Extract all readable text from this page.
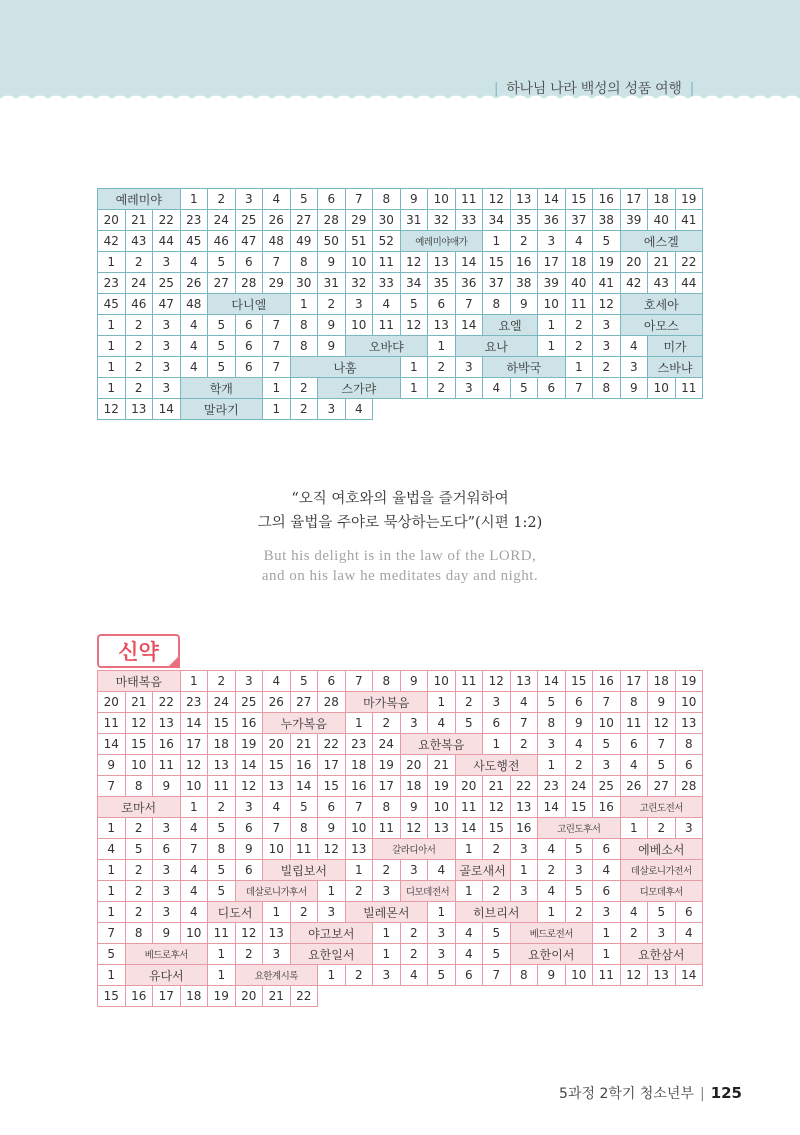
| 하나님 나라 백성의 성품 여행 |
예레미야			1	2	3	4	5	6	7	8	9	10	11	12	13	14	15	16	17	18	19
20	21	22	23	24	25	26	27	28	29	30	31	32	33	34	35	36	37	38	39	40	41
42	43	44	45	46	47	48	49	50	51	52	예레미야애가			1	2	3	4	5	에스겔		
1	2	3	4	5	6	7	8	9	10	11	12	13	14	15	16	17	18	19	20	21	22
23	24	25	26	27	28	29	30	31	32	33	34	35	36	37	38	39	40	41	42	43	44
45	46	47	48	다니엘			1	2	3	4	5	6	7	8	9	10	11	12	호세아		
1	2	3	4	5	6	7	8	9	10	11	12	13	14	요엘		1	2	3	아모스		
1	2	3	4	5	6	7	8	9	오바댜			1	요나			1	2	3	4	미가	
1	2	3	4	5	6	7	나훔				1	2	3	하박국			1	2	3	스바냐	
1	2	3	학개			1	2	스가랴			1	2	3	4	5	6	7	8	9	10	11
12	13	14	말라기			1	2	3	4												
“오직 여호와의 율법을 즐거워하여
그의 율법을 주야로 묵상하는도다”(시편 1:2)
But his delight is in the law of the LORD,
and on his law he meditates day and night.
신약
마태복음			1	2	3	4	5	6	7	8	9	10	11	12	13	14	15	16	17	18	19
20	21	22	23	24	25	26	27	28	마가복음			1	2	3	4	5	6	7	8	9	10
11	12	13	14	15	16	누가복음			1	2	3	4	5	6	7	8	9	10	11	12	13
14	15	16	17	18	19	20	21	22	23	24	요한복음			1	2	3	4	5	6	7	8
9	10	11	12	13	14	15	16	17	18	19	20	21	사도행전			1	2	3	4	5	6
7	8	9	10	11	12	13	14	15	16	17	18	19	20	21	22	23	24	25	26	27	28
로마서			1	2	3	4	5	6	7	8	9	10	11	12	13	14	15	16	고린도전서		
1	2	3	4	5	6	7	8	9	10	11	12	13	14	15	16	고린도후서			1	2	3
4	5	6	7	8	9	10	11	12	13	갈라디아서			1	2	3	4	5	6	에베소서		
1	2	3	4	5	6	빌립보서			1	2	3	4	골로새서		1	2	3	4	데살로니가전서		
1	2	3	4	5	데살로니가후서			1	2	3	디모데전서		1	2	3	4	5	6	디모데후서		
1	2	3	4	디도서		1	2	3	빌레몬서			1	히브리서			1	2	3	4	5	6
7	8	9	10	11	12	13	야고보서			1	2	3	4	5	베드로전서			1	2	3	4
5	베드로후서			1	2	3	요한일서			1	2	3	4	5	요한이서			1	요한삼서		
1	유다서			1	요한계시록			1	2	3	4	5	6	7	8	9	10	11	12	13	14
15	16	17	18	19	20	21	22														
5과정 2학기 청소년부 | 125
